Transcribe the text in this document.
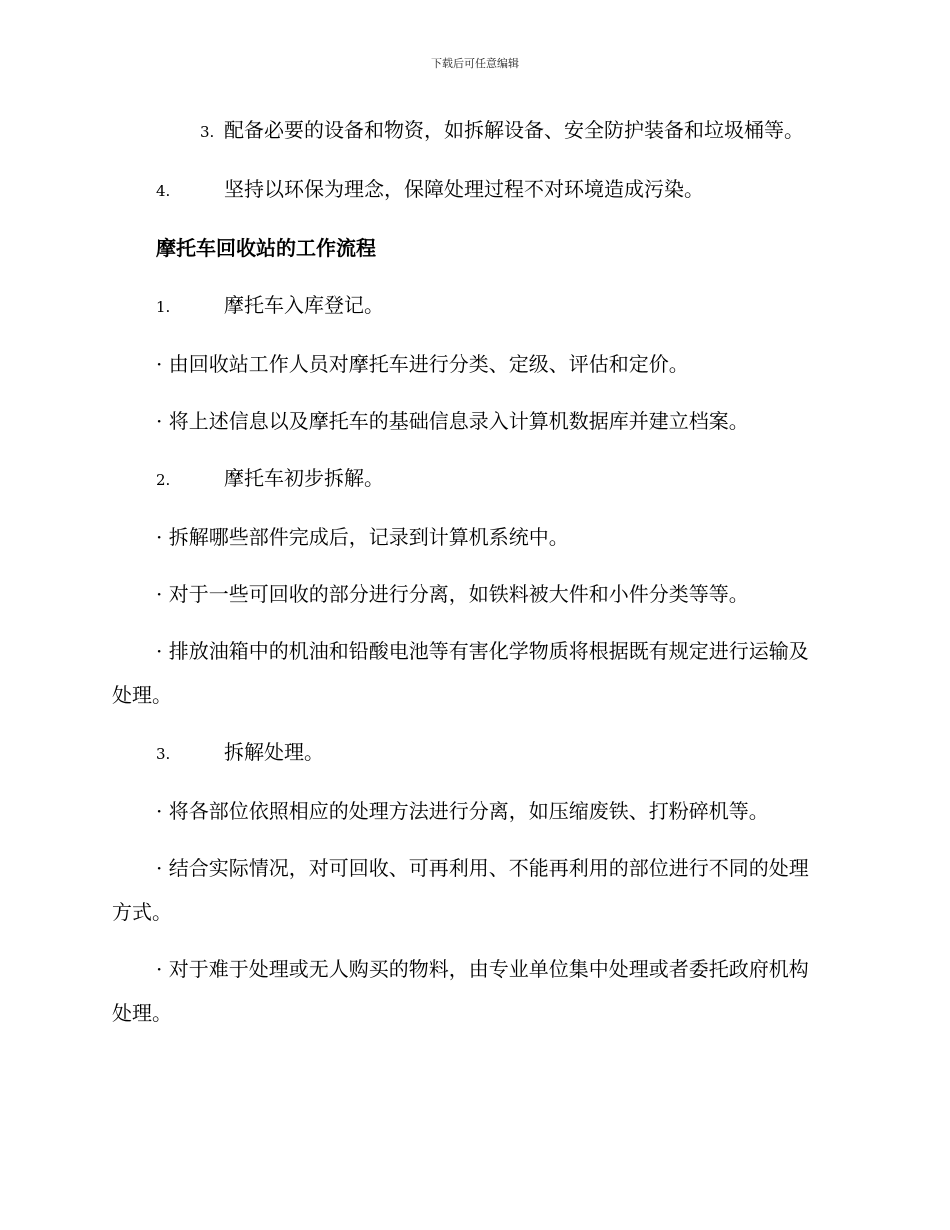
下载后可任意编辑
3. 配备必要的设备和物资，如拆解设备、安全防护装备和垃圾桶等。
4.	坚持以环保为理念，保障处理过程不对环境造成污染。
摩托车回收站的工作流程
1.	摩托车入库登记。
· 由回收站工作人员对摩托车进行分类、定级、评估和定价。
· 将上述信息以及摩托车的基础信息录入计算机数据库并建立档案。
2.	摩托车初步拆解。
· 拆解哪些部件完成后，记录到计算机系统中。
· 对于一些可回收的部分进行分离，如铁料被大件和小件分类等等。
· 排放油箱中的机油和铅酸电池等有害化学物质将根据既有规定进行运输及处理。
3.	拆解处理。
· 将各部位依照相应的处理方法进行分离，如压缩废铁、打粉碎机等。
· 结合实际情况，对可回收、可再利用、不能再利用的部位进行不同的处理方式。
· 对于难于处理或无人购买的物料，由专业单位集中处理或者委托政府机构处理。
